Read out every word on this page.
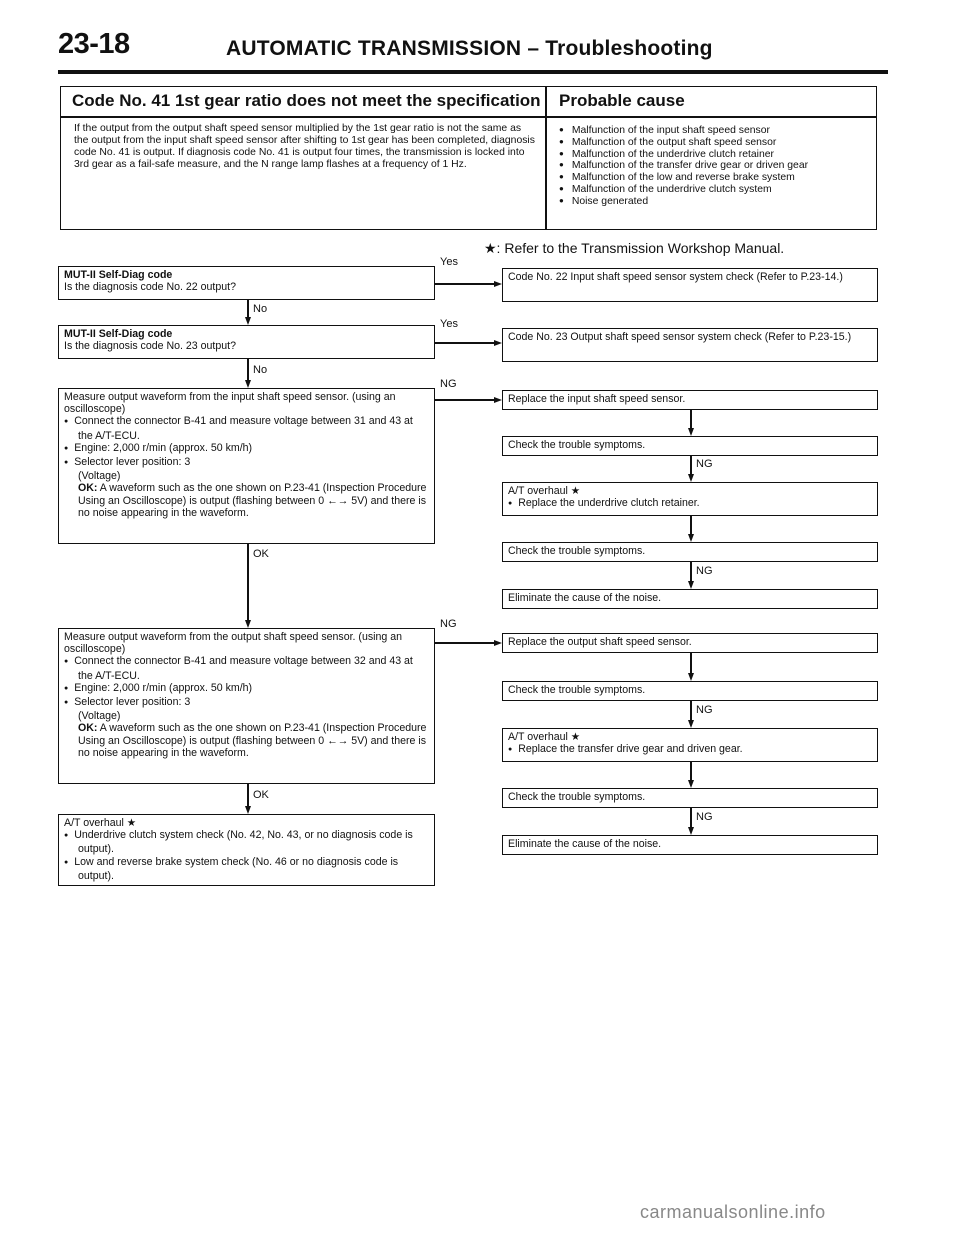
23-18	AUTOMATIC TRANSMISSION – Troubleshooting
Code No. 41 1st gear ratio does not meet the specification Probable cause
If the output from the output shaft speed sensor multiplied by the 1st gear ratio is not the same as the output from the input shaft speed sensor after shifting to 1st gear has been completed, diagnosis code No. 41 is output. If diagnosis code No. 41 is output four times, the transmission is locked into 3rd gear as a fail-safe measure, and the N range lamp flashes at a frequency of 1 Hz.
● Malfunction of the input shaft speed sensor
● Malfunction of the output shaft speed sensor
● Malfunction of the underdrive clutch retainer
● Malfunction of the transfer drive gear or driven gear
● Malfunction of the low and reverse brake system
● Malfunction of the underdrive clutch system
● Noise generated
★: Refer to the Transmission Workshop Manual.
MUT-II Self-Diag code
Is the diagnosis code No. 22 output?
MUT-II Self-Diag code
Is the diagnosis code No. 23 output?
Measure output waveform from the input shaft speed sensor. (using an oscilloscope)
● Connect the connector B-41 and measure voltage between 31 and 43 at the A/T-ECU.
● Engine: 2,000 r/min (approx. 50 km/h)
● Selector lever position: 3
(Voltage)
OK: A waveform such as the one shown on P.23-41 (Inspection Procedure Using an Oscilloscope) is output (flashing between 0 ←→ 5V) and there is no noise appearing in the waveform.
Measure output waveform from the output shaft speed sensor. (using an oscilloscope)
● Connect the connector B-41 and measure voltage between 32 and 43 at the A/T-ECU.
● Engine: 2,000 r/min (approx. 50 km/h)
● Selector lever position: 3
(Voltage)
OK: A waveform such as the one shown on P.23-41 (Inspection Procedure Using an Oscilloscope) is output (flashing between 0 ←→ 5V) and there is no noise appearing in the waveform.
A/T overhaul ★
● Underdrive clutch system check (No. 42, No. 43, or no diagnosis code is output).
● Low and reverse brake system check (No. 46 or no diagnosis code is output).
Code No. 22 Input shaft speed sensor system check (Refer to P.23-14.)
Code No. 23 Output shaft speed sensor system check (Refer to P.23-15.)
Replace the input shaft speed sensor.
Check the trouble symptoms.
A/T overhaul ★
● Replace the underdrive clutch retainer.
Check the trouble symptoms.
Eliminate the cause of the noise.
Replace the output shaft speed sensor.
Check the trouble symptoms.
A/T overhaul ★
● Replace the transfer drive gear and driven gear.
Check the trouble symptoms.
Eliminate the cause of the noise.
No
No
OK
OK
Yes
Yes
NG
NG
NG
NG
NG
NG
carmanualsonline.info
